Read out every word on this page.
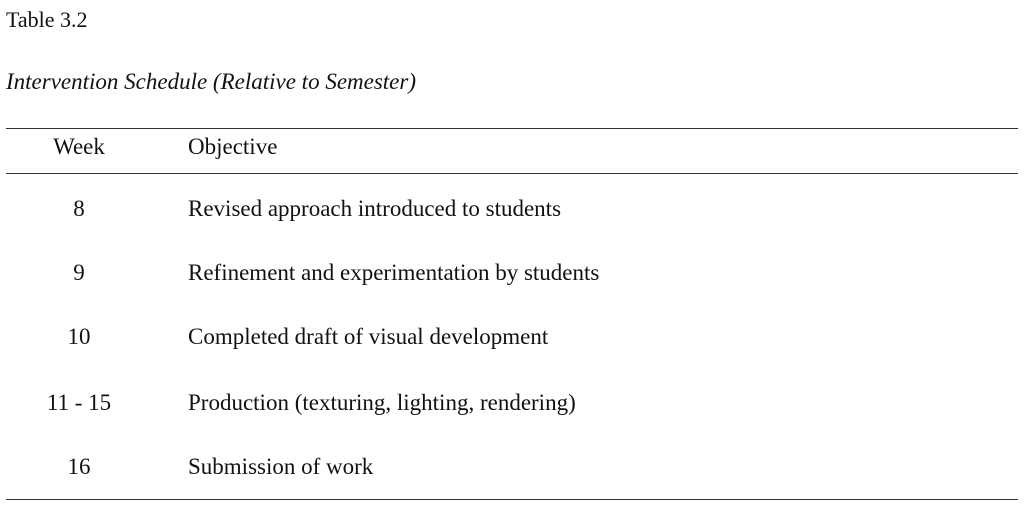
Table 3.2
Intervention Schedule (Relative to Semester)
Week	Objective
8	Revised approach introduced to students
9	Refinement and experimentation by students
10	Completed draft of visual development
11 - 15	Production (texturing, lighting, rendering)
16	Submission of work
